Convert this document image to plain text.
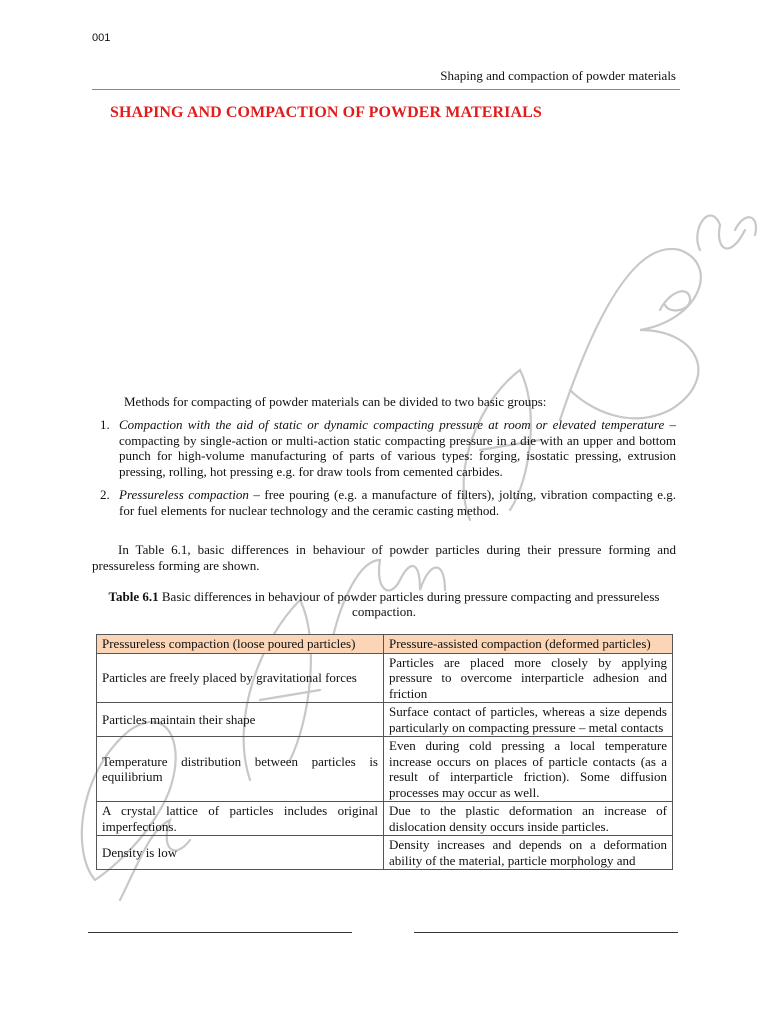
001
Shaping and compaction of powder materials
SHAPING AND COMPACTION OF POWDER MATERIALS
Methods for compacting of powder materials can be divided to two basic groups:
1. Compaction with the aid of static or dynamic compacting pressure at room or elevated temperature – compacting by single-action or multi-action static compacting pressure in a die with an upper and bottom punch for high-volume manufacturing of parts of various types: forging, isostatic pressing, extrusion pressing, rolling, hot pressing e.g. for draw tools from cemented carbides.
2. Pressureless compaction – free pouring (e.g. a manufacture of filters), jolting, vibration compacting e.g. for fuel elements for nuclear technology and the ceramic casting method.
In Table 6.1, basic differences in behaviour of powder particles during their pressure forming and pressureless forming are shown.
Table 6.1 Basic differences in behaviour of powder particles during pressure compacting and pressureless compaction.
Pressureless compaction (loose poured particles)	Pressure-assisted compaction (deformed particles)
Particles are freely placed by gravitational forces	Particles are placed more closely by applying pressure to overcome interparticle adhesion and friction
Particles maintain their shape	Surface contact of particles, whereas a size depends particularly on compacting pressure – metal contacts
Temperature distribution between particles is equilibrium	Even during cold pressing a local temperature increase occurs on places of particle contacts (as a result of interparticle friction). Some diffusion processes may occur as well.
A crystal lattice of particles includes original imperfections.	Due to the plastic deformation an increase of dislocation density occurs inside particles.
Density is low	Density increases and depends on a deformation ability of the material, particle morphology and
